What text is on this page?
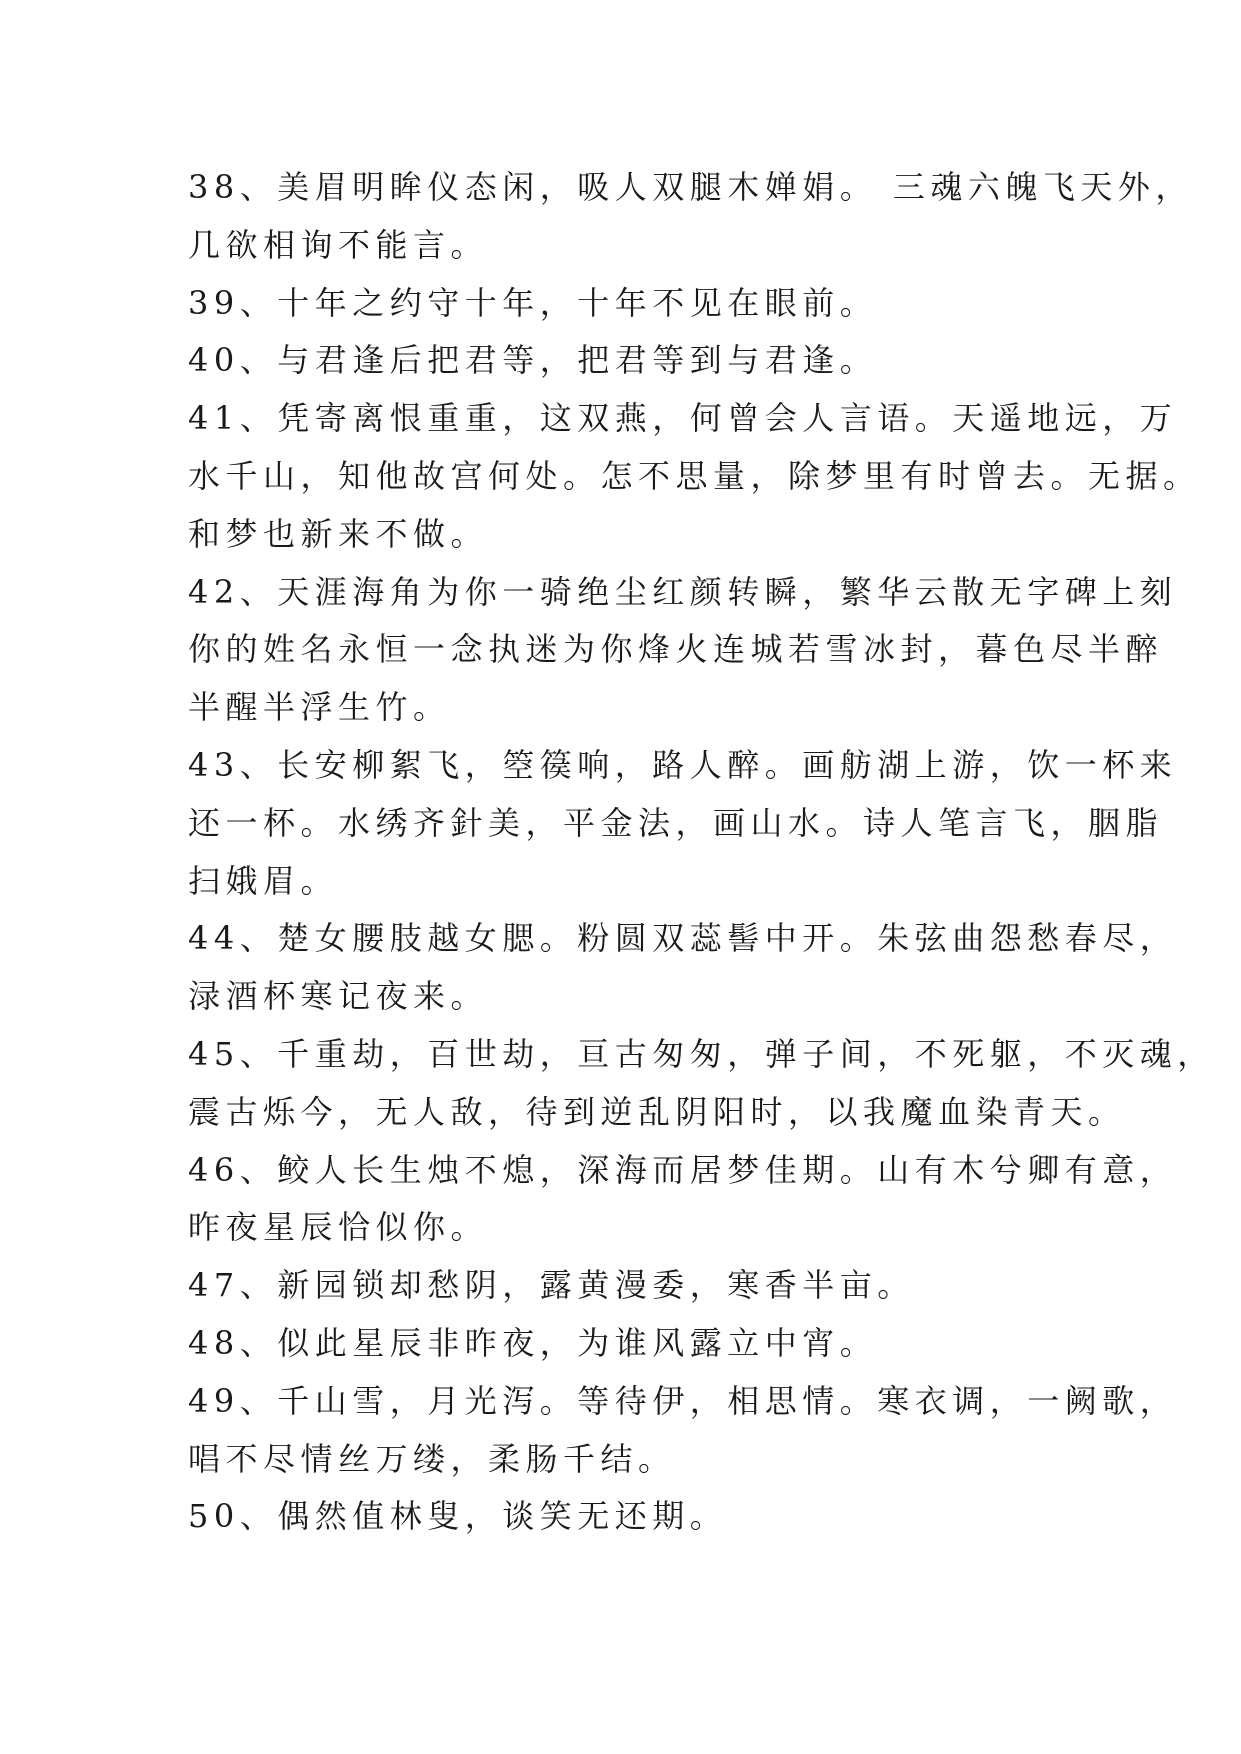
38、美眉明眸仪态闲，吸人双腿木婵娟。 三魂六魄飞天外，
几欲相询不能言。
39、十年之约守十年，十年不见在眼前。
40、与君逢后把君等，把君等到与君逢。
41、凭寄离恨重重，这双燕，何曾会人言语。天遥地远，万
水千山，知他故宫何处。怎不思量，除梦里有时曾去。无据。
和梦也新来不做。
42、天涯海角为你一骑绝尘红颜转瞬，繁华云散无字碑上刻
你的姓名永恒一念执迷为你烽火连城若雪冰封，暮色尽半醉
半醒半浮生竹。
43、长安柳絮飞，箜篌响，路人醉。画舫湖上游，饮一杯来
还一杯。水绣齐針美，平金法，画山水。诗人笔言飞，胭脂
扫娥眉。
44、楚女腰肢越女腮。粉圆双蕊髻中开。朱弦曲怨愁春尽，
渌酒杯寒记夜来。
45、千重劫，百世劫，亘古匆匆，弹子间，不死躯，不灭魂，
震古烁今，无人敌，待到逆乱阴阳时，以我魔血染青天。
46、鲛人长生烛不熄，深海而居梦佳期。山有木兮卿有意，
昨夜星辰恰似你。
47、新园锁却愁阴，露黄漫委，寒香半亩。
48、似此星辰非昨夜，为谁风露立中宵。
49、千山雪，月光泻。等待伊，相思情。寒衣调，一阙歌，
唱不尽情丝万缕，柔肠千结。
50、偶然值林叟，谈笑无还期。
